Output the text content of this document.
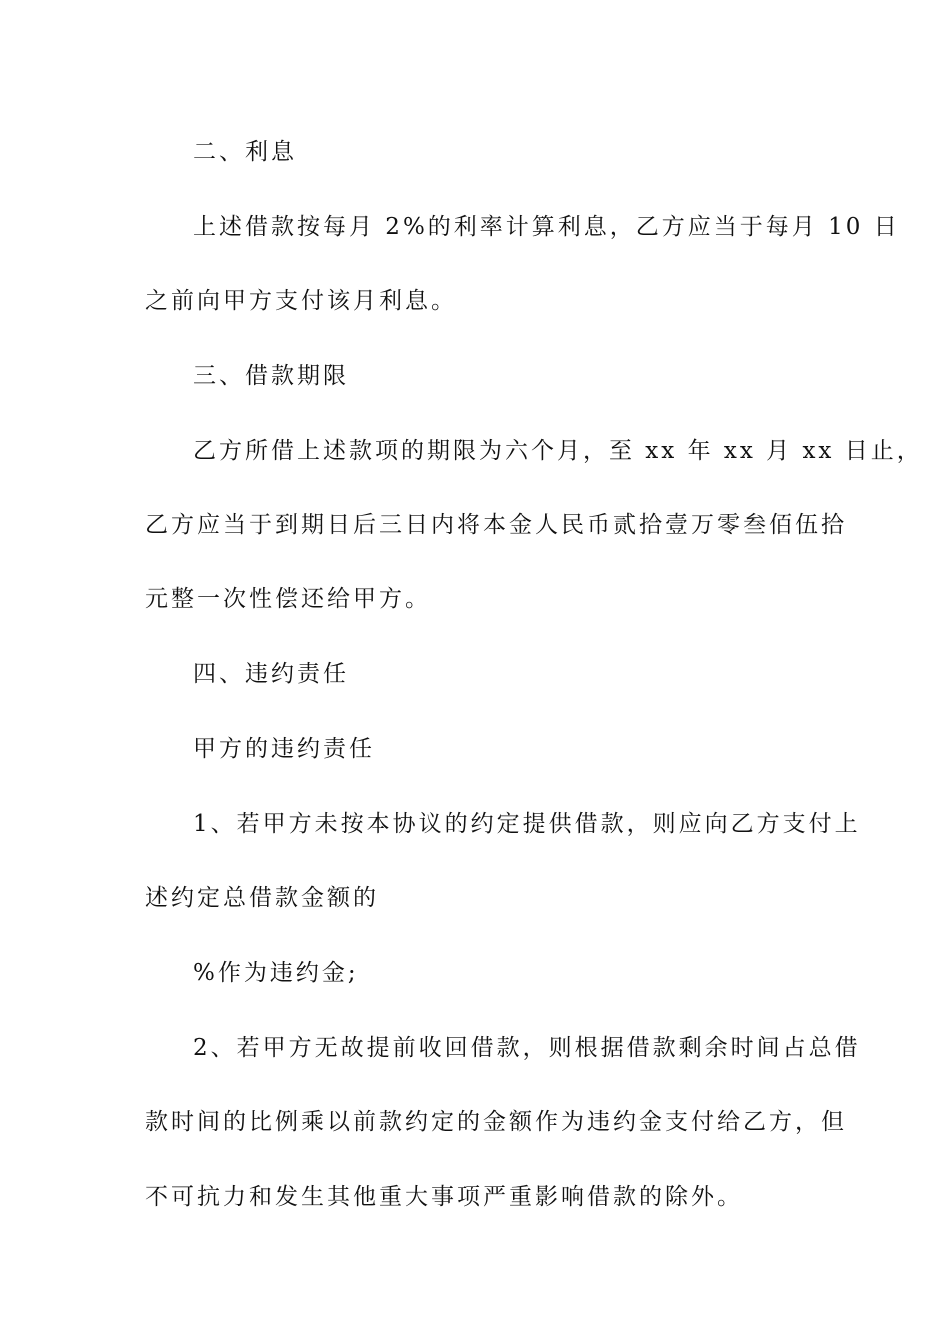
二、利息
上述借款按每月 2%的利率计算利息，乙方应当于每月 10 日
之前向甲方支付该月利息。
三、借款期限
乙方所借上述款项的期限为六个月，至 xx 年 xx 月 xx 日止，
乙方应当于到期日后三日内将本金人民币贰拾壹万零叁佰伍拾
元整一次性偿还给甲方。
四、违约责任
甲方的违约责任
1、若甲方未按本协议的约定提供借款，则应向乙方支付上
述约定总借款金额的
%作为违约金;
2、若甲方无故提前收回借款，则根据借款剩余时间占总借
款时间的比例乘以前款约定的金额作为违约金支付给乙方，但
不可抗力和发生其他重大事项严重影响借款的除外。
